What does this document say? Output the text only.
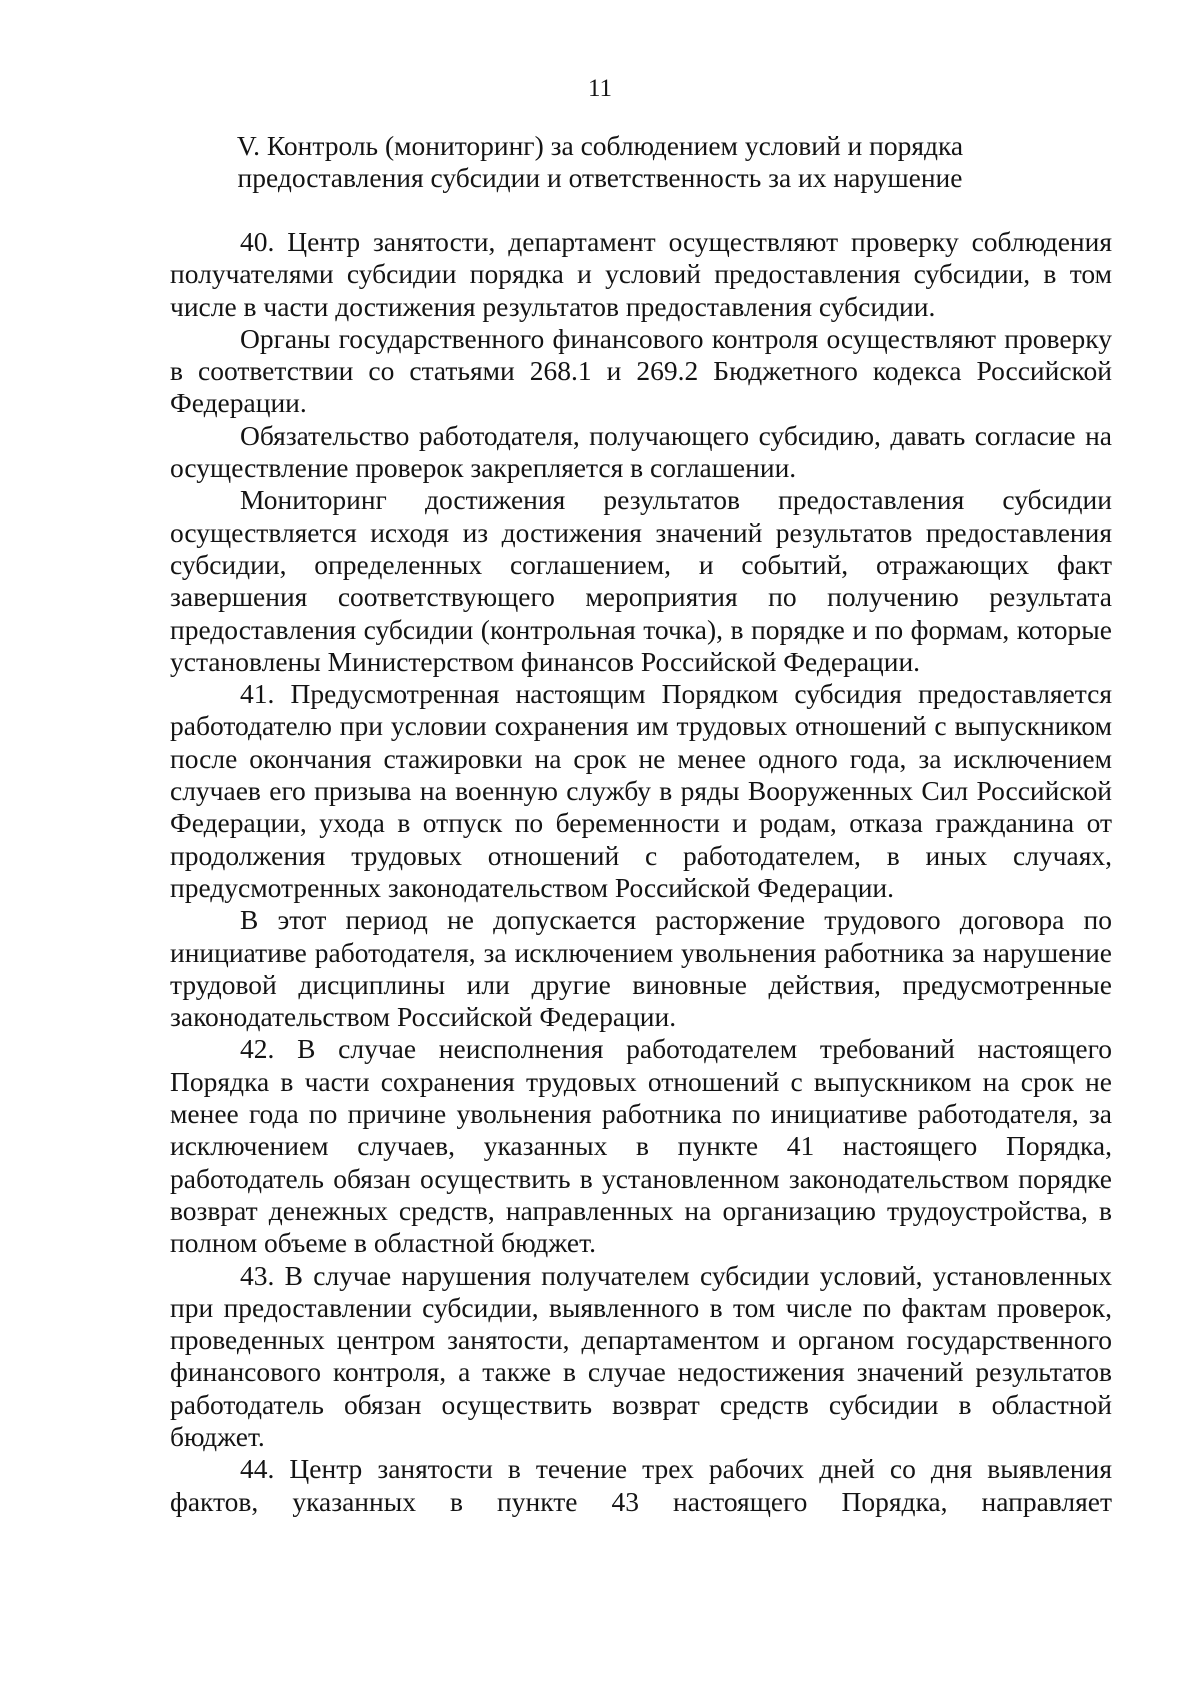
11
V. Контроль (мониторинг) за соблюдением условий и порядка
предоставления субсидии и ответственность за их нарушение

40. Центр занятости, департамент осуществляют проверку соблюдения получателями субсидии порядка и условий предоставления субсидии, в том числе в части достижения результатов предоставления субсидии.

Органы государственного финансового контроля осуществляют проверку в соответствии со статьями 268.1 и 269.2 Бюджетного кодекса Российской Федерации.

Обязательство работодателя, получающего субсидию, давать согласие на осуществление проверок закрепляется в соглашении.

Мониторинг достижения результатов предоставления субсидии осуществляется исходя из достижения значений результатов предоставления субсидии, определенных соглашением, и событий, отражающих факт завершения соответствующего мероприятия по получению результата предоставления субсидии (контрольная точка), в порядке и по формам, которые установлены Министерством финансов Российской Федерации.

41. Предусмотренная настоящим Порядком субсидия предоставляется работодателю при условии сохранения им трудовых отношений с выпускником после окончания стажировки на срок не менее одного года, за исключением случаев его призыва на военную службу в ряды Вооруженных Сил Российской Федерации, ухода в отпуск по беременности и родам, отказа гражданина от продолжения трудовых отношений с работодателем, в иных случаях, предусмотренных законодательством Российской Федерации.

В этот период не допускается расторжение трудового договора по инициативе работодателя, за исключением увольнения работника за нарушение трудовой дисциплины или другие виновные действия, предусмотренные законодательством Российской Федерации.

42. В случае неисполнения работодателем требований настоящего Порядка в части сохранения трудовых отношений с выпускником на срок не менее года по причине увольнения работника по инициативе работодателя, за исключением случаев, указанных в пункте 41 настоящего Порядка, работодатель обязан осуществить в установленном законодательством порядке возврат денежных средств, направленных на организацию трудоустройства, в полном объеме в областной бюджет.

43. В случае нарушения получателем субсидии условий, установленных при предоставлении субсидии, выявленного в том числе по фактам проверок, проведенных центром занятости, департаментом и органом государственного финансового контроля, а также в случае недостижения значений результатов работодатель обязан осуществить возврат средств субсидии в областной бюджет.

44. Центр занятости в течение трех рабочих дней со дня выявления фактов, указанных в пункте 43 настоящего Порядка, направляет
